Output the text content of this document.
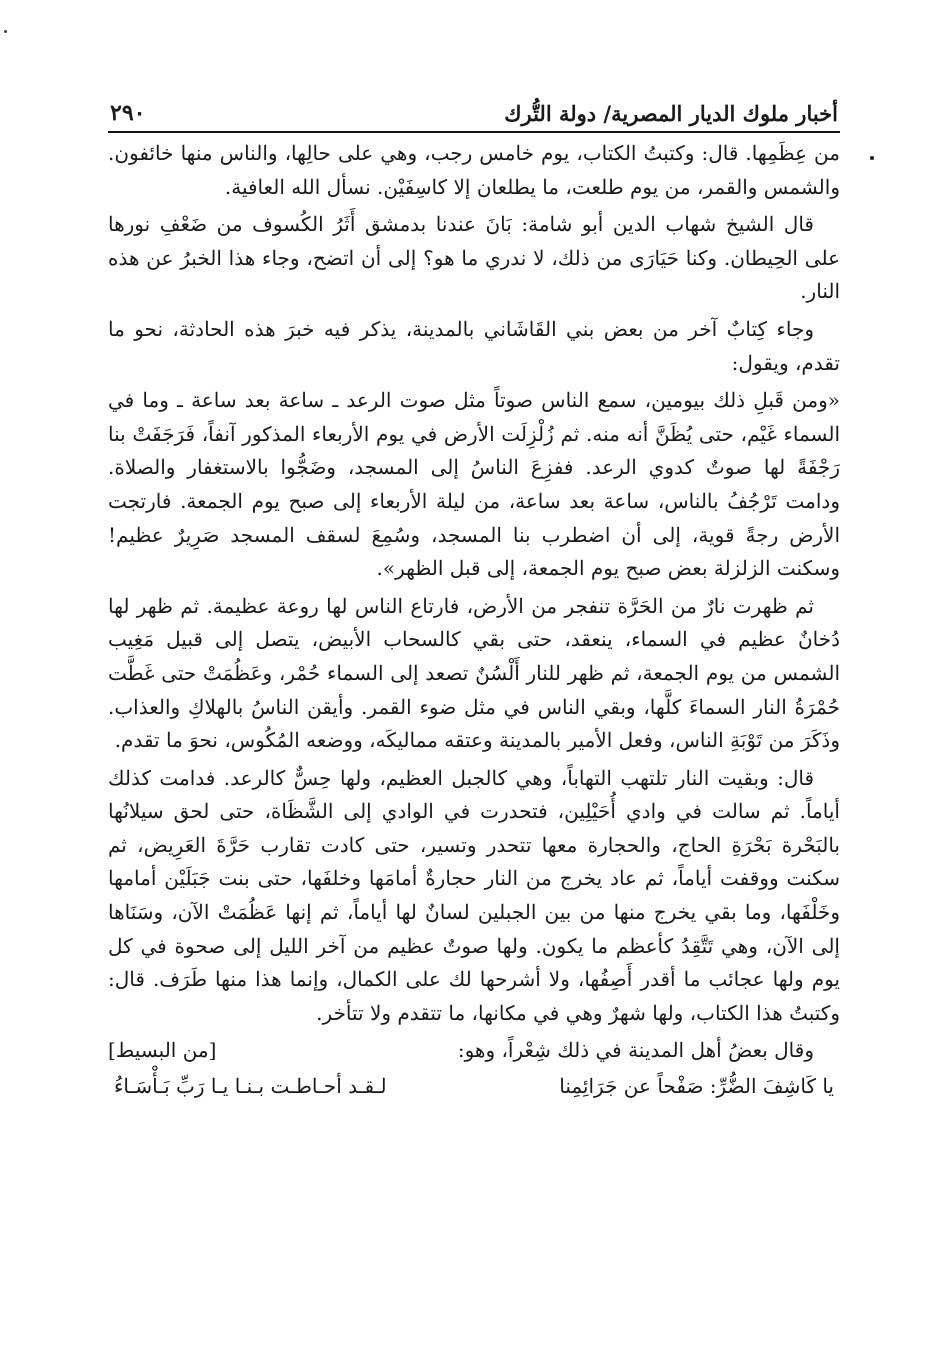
أخبار ملوك الديار المصرية/ دولة التُّرك
٢٩٠

من عِظَمِها. قال: وكتبتُ الكتاب، يوم خامس رجب، وهي على حالِها، والناس منها خائفون. والشمس والقمر، من يوم طلعت، ما يطلعان إلا كاسِفَيْن. نسأل الله العافية.

قال الشيخ شهاب الدين أبو شامة: بَانَ عندنا بدمشق أَثَرُ الكُسوف من ضَعْفِ نورها على الحِيطان. وكنا حَيَارَى من ذلك، لا ندري ما هو؟ إلى أن اتضح، وجاء هذا الخبرُ عن هذه النار.

وجاء كِتابٌ آخر من بعض بني القَاشَاني بالمدينة، يذكر فيه خبرَ هذه الحادثة، نحو ما تقدم، ويقول:

«ومن قَبلِ ذلك بيومين، سمع الناس صوتاً مثل صوت الرعد ـ ساعة بعد ساعة ـ وما في السماء غَيْم، حتى يُظَنَّ أنه منه. ثم زُلْزِلَت الأرض في يوم الأربعاء المذكور آنفاً، فَرَجَفَتْ بنا رَجْفَةً لها صوتٌ كدوي الرعد. ففزِعَ الناسُ إلى المسجد، وضَجُّوا بالاستغفار والصلاة. ودامت تَرْجُفُ بالناس، ساعة بعد ساعة، من ليلة الأربعاء إلى صبح يوم الجمعة. فارتجت الأرض رجةً قوية، إلى أن اضطرب بنا المسجد، وسُمِعَ لسقف المسجد صَرِيرٌ عظيم! وسكنت الزلزلة بعض صبح يوم الجمعة، إلى قبل الظهر».

ثم ظهرت نارٌ من الحَرَّة تنفجر من الأرض، فارتاع الناس لها روعة عظيمة. ثم ظهر لها دُخانٌ عظيم في السماء، ينعقد، حتى بقي كالسحاب الأبيض، يتصل إلى قبيل مَغِيب الشمس من يوم الجمعة، ثم ظهر للنار أَلْسُنٌ تصعد إلى السماء حُمْر، وعَظُمَتْ حتى غَطَّت حُمْرَةُ النار السماءَ كلَّها، وبقي الناس في مثل ضوء القمر. وأيقن الناسُ بالهلاكِ والعذاب. وذَكَرَ من تَوْبَةِ الناس، وفعل الأمير بالمدينة وعتقه مماليكَه، ووضعه المُكُوس، نحوَ ما تقدم.

قال: وبقيت النار تلتهب التهاباً، وهي كالجبل العظيم، ولها حِسٌّ كالرعد. فدامت كذلك أياماً. ثم سالت في وادي أُحَيْلِين، فتحدرت في الوادي إلى الشَّظَاة، حتى لحق سيلانُها بالبَحْرة بَحْرَةِ الحاج، والحجارة معها تتحدر وتسير، حتى كادت تقارب حَرَّةَ العَرِيض، ثم سكنت ووقفت أياماً، ثم عاد يخرج من النار حجارةٌ أمامَها وخلفَها، حتى بنت جَبَلَيْن أمامها وخَلْفَها، وما بقي يخرج منها من بين الجبلين لسانٌ لها أياماً، ثم إنها عَظُمَتْ الآن، وسَنَاها إلى الآن، وهي تَتَّقِدُ كأعظم ما يكون. ولها صوتٌ عظيم من آخر الليل إلى صحوة في كل يوم ولها عجائب ما أقدر أَصِفُها، ولا أشرحها لك على الكمال، وإنما هذا منها طَرَف. قال: وكتبتُ هذا الكتاب، ولها شهرٌ وهي في مكانها، ما تتقدم ولا تتأخر.

وقال بعضُ أهل المدينة في ذلك شِعْراً، وهو:
[من البسيط]
يا كَاشِفَ الضُّرِّ: صَفْحاً عن جَرَائِمِنا
لـقـد أحـاطـت بـنـا يـا رَبِّ بَـأْسَـاءُ
